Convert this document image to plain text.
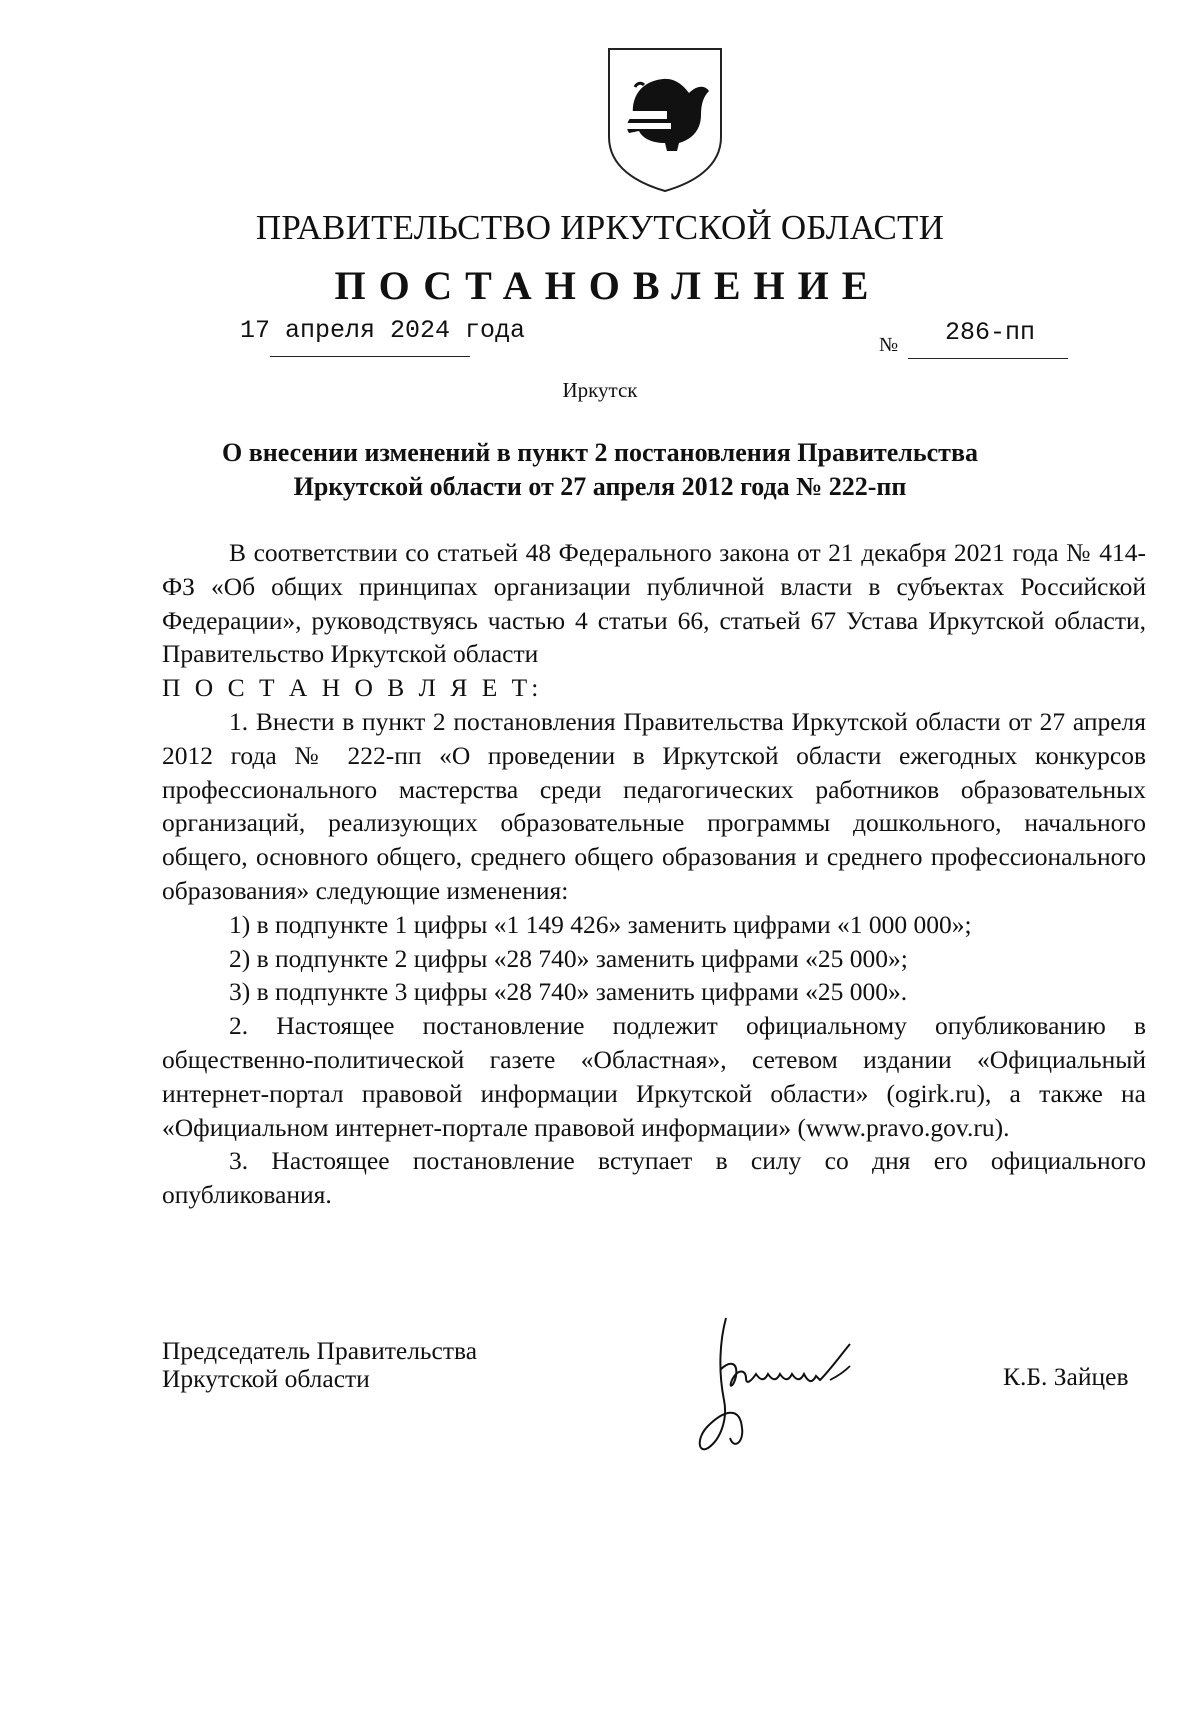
ПРАВИТЕЛЬСТВО ИРКУТСКОЙ ОБЛАСТИ
ПОСТАНОВЛЕНИЕ
17 апреля 2024 года	№ 286-пп
Иркутск
О внесении изменений в пункт 2 постановления Правительства
Иркутской области от 27 апреля 2012 года № 222-пп

В соответствии со статьей 48 Федерального закона от 21 декабря 2021 года № 414-ФЗ «Об общих принципах организации публичной власти в субъектах Российской Федерации», руководствуясь частью 4 статьи 66, статьей 67 Устава Иркутской области, Правительство Иркутской области

П О С Т А Н О В Л Я Е Т:

1. Внести в пункт 2 постановления Правительства Иркутской области от 27 апреля 2012 года № 222-пп «О проведении в Иркутской области ежегодных конкурсов профессионального мастерства среди педагогических работников образовательных организаций, реализующих образовательные программы дошкольного, начального общего, основного общего, среднего общего образования и среднего профессионального образования» следующие изменения:

1) в подпункте 1 цифры «1 149 426» заменить цифрами «1 000 000»;

2) в подпункте 2 цифры «28 740» заменить цифрами «25 000»;

3) в подпункте 3 цифры «28 740» заменить цифрами «25 000».

2. Настоящее постановление подлежит официальному опубликованию в общественно-политической газете «Областная», сетевом издании «Официальный интернет-портал правовой информации Иркутской области» (ogirk.ru), а также на «Официальном интернет-портале правовой информации» (www.pravo.gov.ru).

3. Настоящее постановление вступает в силу со дня его официального опубликования.

Председатель Правительства
Иркутской области	К.Б. Зайцев
